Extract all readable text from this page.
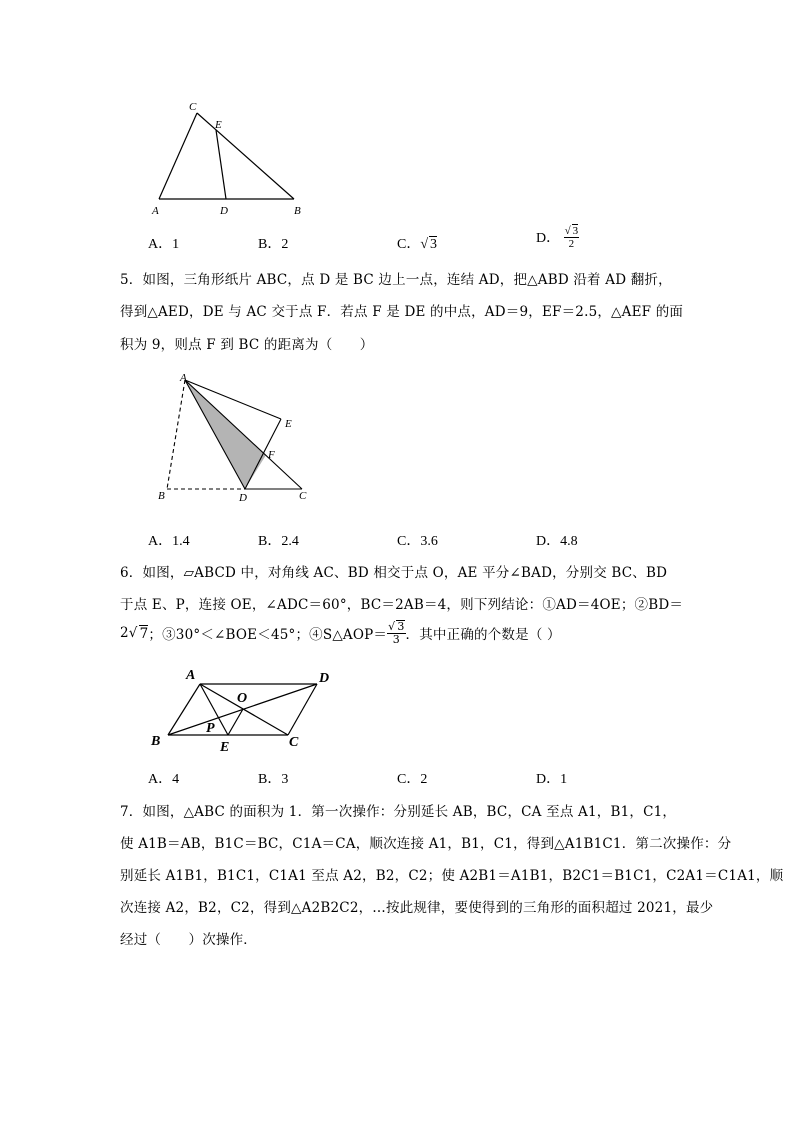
C
E
A	D	B
A．1	B．2	C．√ 3	D． $\frac{√ 3}{2}$
5．如图，三角形纸片 ABC，点 D 是 BC 边上一点，连结 AD，把△ABD 沿着 AD 翻折，
得到△AED，DE 与 AC 交于点 F．若点 F 是 DE 的中点，AD＝9，EF＝2.5，△AEF 的面
积为 9，则点 F 到 BC 的距离为（　　）
A
E
F
B	D	C
A．1.4	B．2.4	C．3.6	D．4.8
6．如图，▱ABCD 中，对角线 AC、BD 相交于点 O，AE 平分∠BAD，分别交 BC、BD
于点 E、P，连接 OE，∠ADC＝60°，BC＝2AB＝4，则下列结论：①AD＝4OE；②BD＝
2√ 7；③30°＜∠BOE＜45°；④S△AOP＝ $\frac{√ 3}{3}$ ．其中正确的个数是（ ）
A	D
O
P
B	E	C
A．4	B．3	C．2	D．1
7．如图，△ABC 的面积为 1．第一次操作：分别延长 AB，BC，CA 至点 A1，B1，C1，
使 A1B＝AB，B1C＝BC，C1A＝CA，顺次连接 A1，B1，C1，得到△A1B1C1．第二次操作：分
别延长 A1B1，B1C1，C1A1 至点 A2，B2，C2；使 A2B1＝A1B1，B2C1＝B1C1，C2A1＝C1A1，顺
次连接 A2，B2，C2，得到△A2B2C2，…按此规律，要使得到的三角形的面积超过 2021，最少
经过（　　）次操作．
